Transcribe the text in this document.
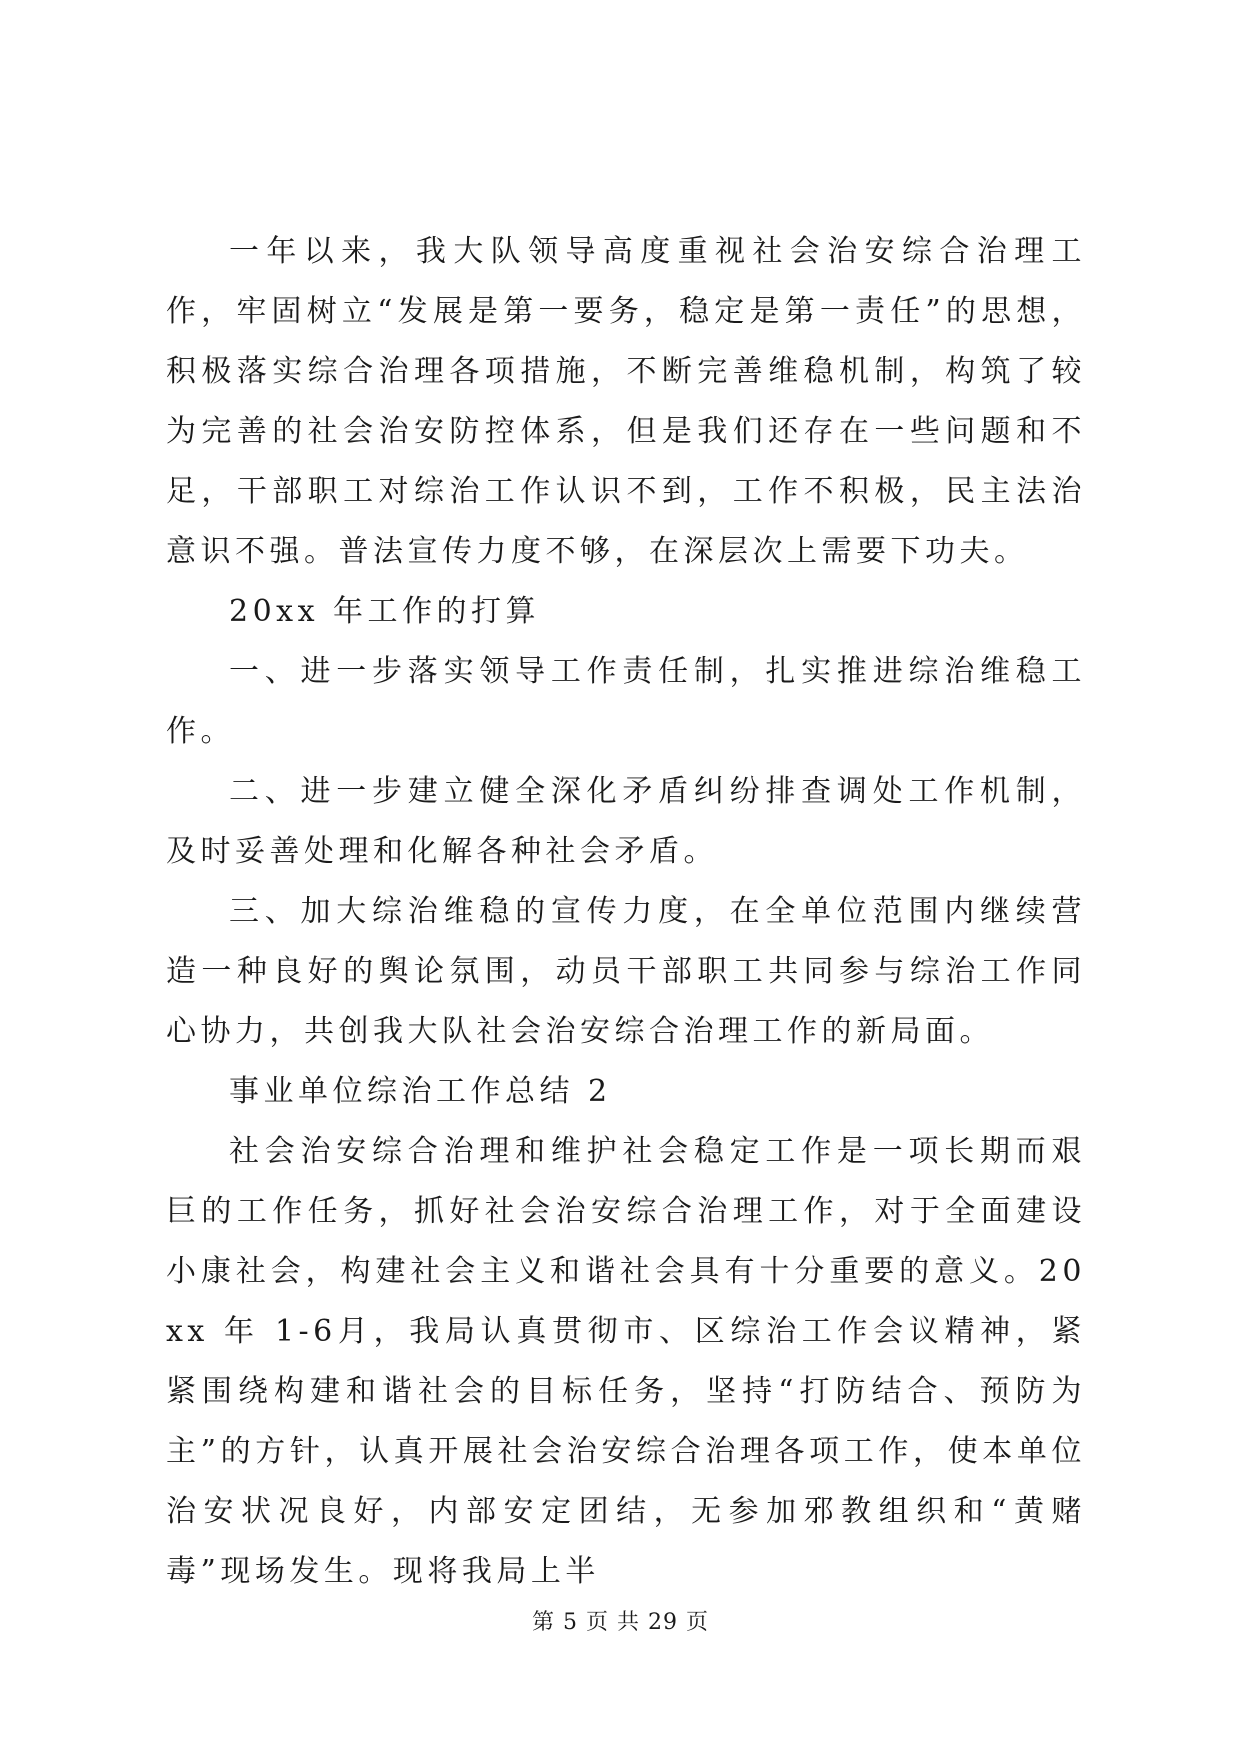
一年以来，我大队领导高度重视社会治安综合治理工作，牢固树立“发展是第一要务，稳定是第一责任”的思想，积极落实综合治理各项措施，不断完善维稳机制，构筑了较为完善的社会治安防控体系，但是我们还存在一些问题和不足，干部职工对综治工作认识不到，工作不积极，民主法治意识不强。普法宣传力度不够，在深层次上需要下功夫。

20xx 年工作的打算

一、进一步落实领导工作责任制，扎实推进综治维稳工作。

二、进一步建立健全深化矛盾纠纷排查调处工作机制，及时妥善处理和化解各种社会矛盾。

三、加大综治维稳的宣传力度，在全单位范围内继续营造一种良好的舆论氛围，动员干部职工共同参与综治工作同心协力，共创我大队社会治安综合治理工作的新局面。

事业单位综治工作总结 2

社会治安综合治理和维护社会稳定工作是一项长期而艰巨的工作任务，抓好社会治安综合治理工作，对于全面建设小康社会，构建社会主义和谐社会具有十分重要的意义。20xx 年 1-6月，我局认真贯彻市、区综治工作会议精神，紧紧围绕构建和谐社会的目标任务，坚持“打防结合、预防为主”的方针，认真开展社会治安综合治理各项工作，使本单位治安状况良好，内部安定团结，无参加邪教组织和“黄赌毒”现场发生。现将我局上半

第 5 页 共 29 页
